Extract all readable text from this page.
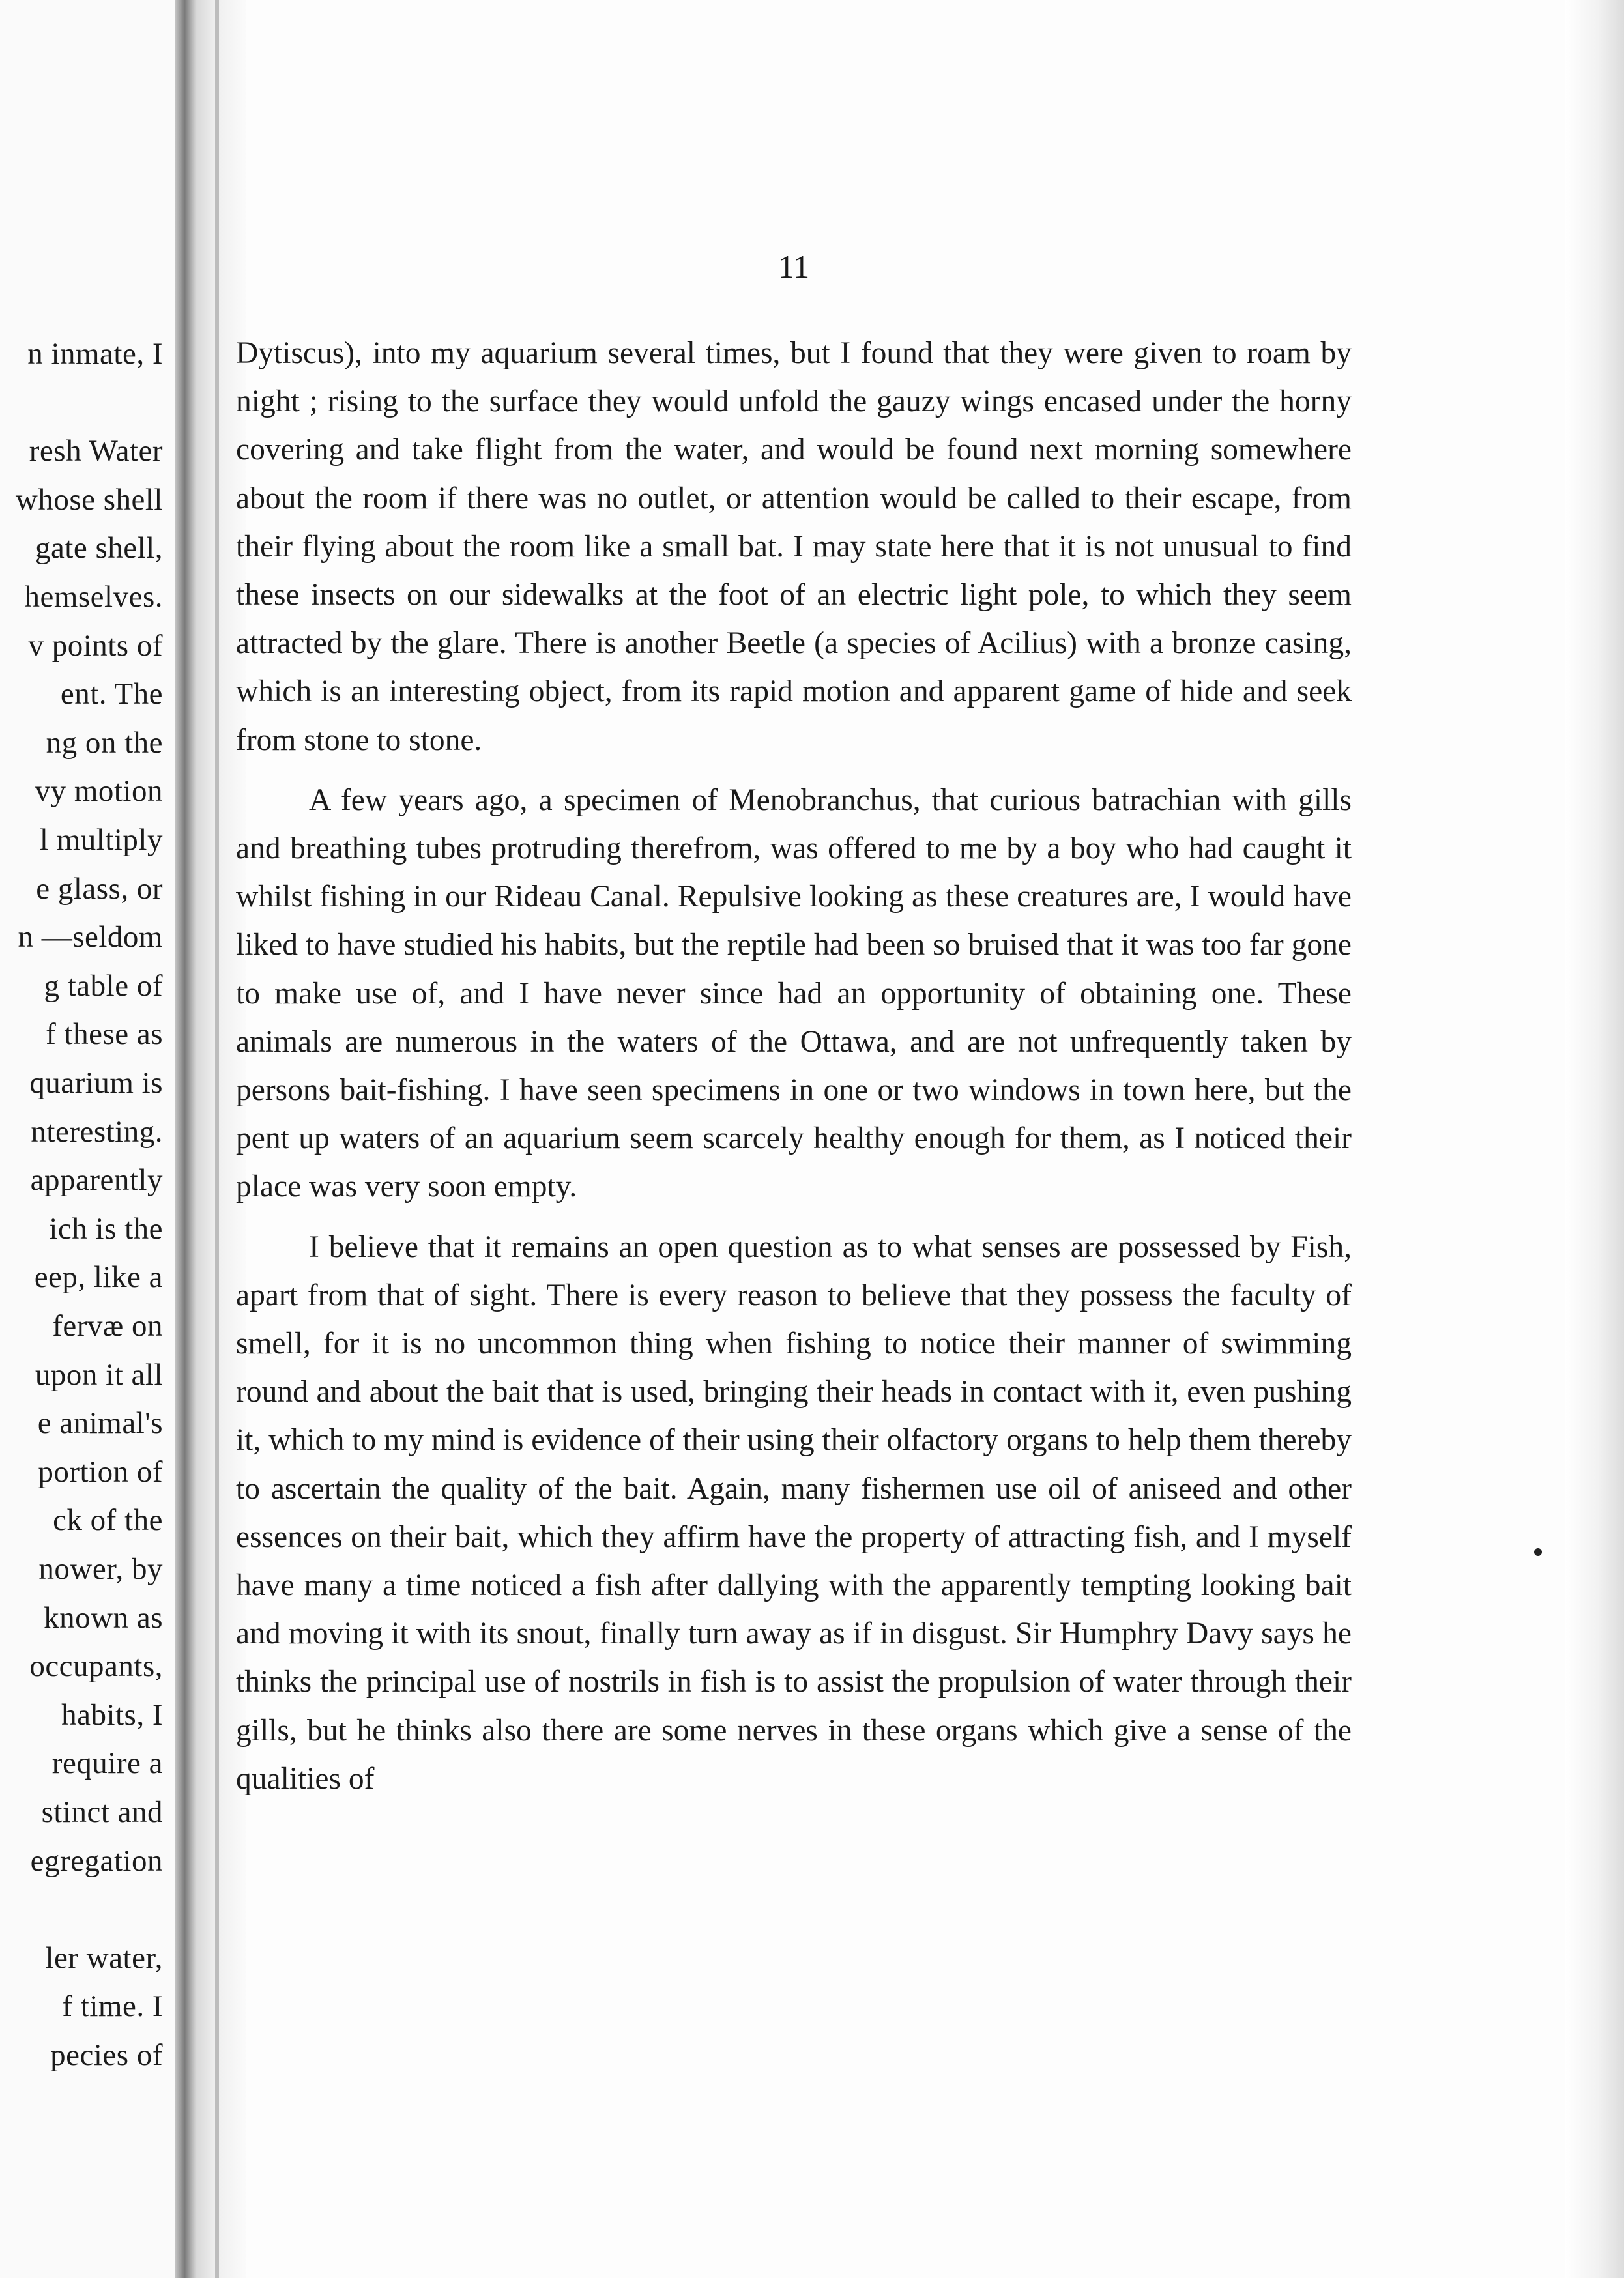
n inmate, I
resh Water
whose shell
gate shell,
hemselves.
v points of
ent. The
ng on the
vy motion
l multiply
e glass, or
n —seldom
g table of
f these as
quarium is
nteresting.
apparently
ich is the
eep, like a
fervæ on
upon it all
e animal's
portion of
ck of the
nower, by
known as
occupants,
habits, I
require a
stinct and
egregation
ler water,
f time. I
pecies of
11

Dytiscus), into my aquarium several times, but I found that they were given to roam by night ; rising to the surface they would unfold the gauzy wings encased under the horny covering and take flight from the water, and would be found next morning somewhere about the room if there was no outlet, or attention would be called to their escape, from their flying about the room like a small bat. I may state here that it is not unusual to find these insects on our sidewalks at the foot of an electric light pole, to which they seem attracted by the glare. There is another Beetle (a species of Acilius) with a bronze casing, which is an interesting object, from its rapid motion and apparent game of hide and seek from stone to stone.

A few years ago, a specimen of Menobranchus, that curious batrachian with gills and breathing tubes protruding therefrom, was offered to me by a boy who had caught it whilst fishing in our Rideau Canal. Repulsive looking as these creatures are, I would have liked to have studied his habits, but the reptile had been so bruised that it was too far gone to make use of, and I have never since had an opportunity of obtaining one. These animals are numerous in the waters of the Ottawa, and are not unfrequently taken by persons bait-fishing. I have seen specimens in one or two windows in town here, but the pent up waters of an aquarium seem scarcely healthy enough for them, as I noticed their place was very soon empty.

I believe that it remains an open question as to what senses are possessed by Fish, apart from that of sight. There is every reason to believe that they possess the faculty of smell, for it is no uncommon thing when fishing to notice their manner of swimming round and about the bait that is used, bringing their heads in contact with it, even pushing it, which to my mind is evidence of their using their olfactory organs to help them thereby to ascertain the quality of the bait. Again, many fishermen use oil of aniseed and other essences on their bait, which they affirm have the property of attracting fish, and I myself have many a time noticed a fish after dallying with the apparently tempting looking bait and moving it with its snout, finally turn away as if in disgust. Sir Humphry Davy says he thinks the principal use of nostrils in fish is to assist the propulsion of water through their gills, but he thinks also there are some nerves in these organs which give a sense of the qualities of
